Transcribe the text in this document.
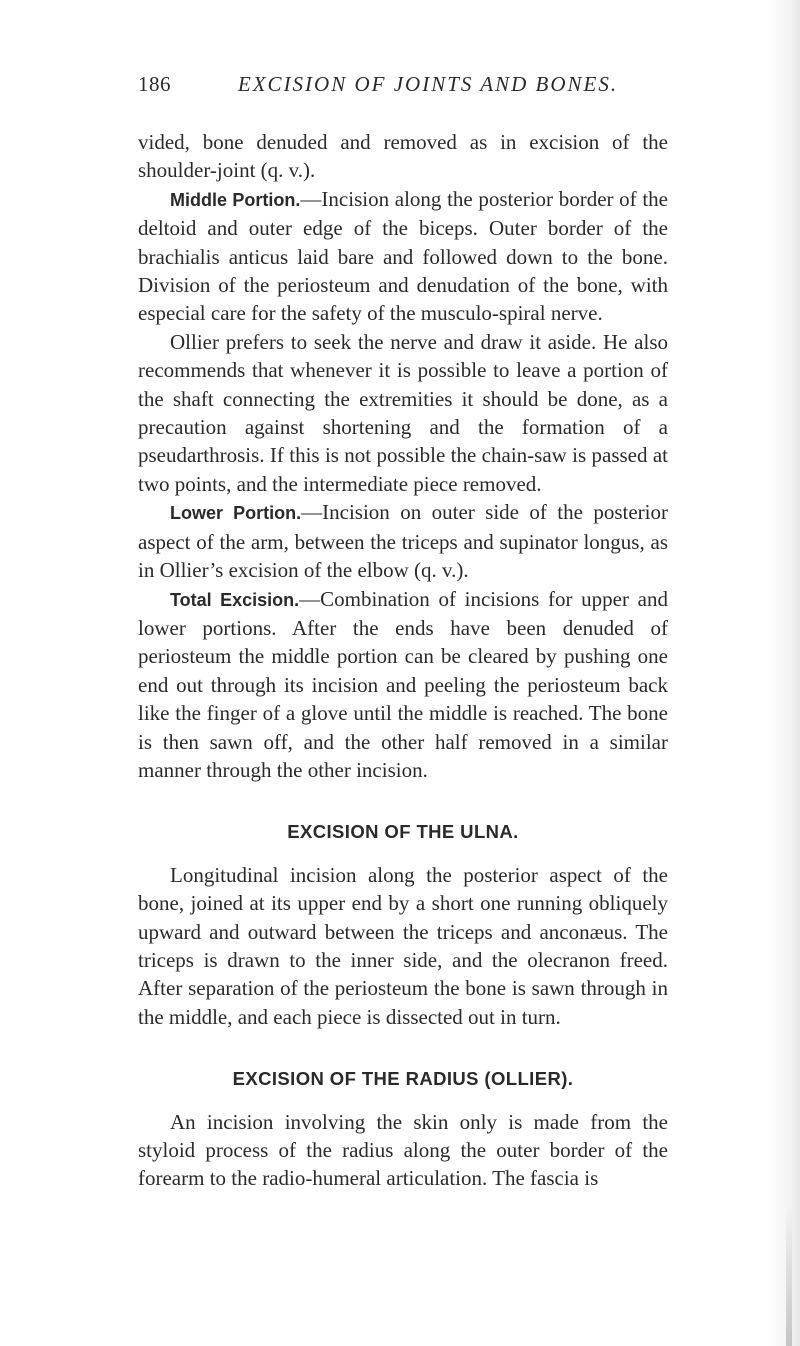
186	EXCISION OF JOINTS AND BONES.

vided, bone denuded and removed as in excision of the shoulder-joint (q. v.).

Middle Portion.—Incision along the posterior border of the deltoid and outer edge of the biceps. Outer border of the brachialis anticus laid bare and followed down to the bone. Division of the periosteum and denudation of the bone, with especial care for the safety of the musculo-spiral nerve.

Ollier prefers to seek the nerve and draw it aside. He also recommends that whenever it is possible to leave a portion of the shaft connecting the extremities it should be done, as a precaution against shortening and the formation of a pseudarthrosis. If this is not possible the chain-saw is passed at two points, and the intermediate piece removed.

Lower Portion.—Incision on outer side of the posterior aspect of the arm, between the triceps and supinator longus, as in Ollier’s excision of the elbow (q. v.).

Total Excision.—Combination of incisions for upper and lower portions. After the ends have been denuded of periosteum the middle portion can be cleared by pushing one end out through its incision and peeling the periosteum back like the finger of a glove until the middle is reached. The bone is then sawn off, and the other half removed in a similar manner through the other incision.

EXCISION OF THE ULNA.

Longitudinal incision along the posterior aspect of the bone, joined at its upper end by a short one running obliquely upward and outward between the triceps and anconæus. The triceps is drawn to the inner side, and the olecranon freed. After separation of the periosteum the bone is sawn through in the middle, and each piece is dissected out in turn.

EXCISION OF THE RADIUS (OLLIER).

An incision involving the skin only is made from the styloid process of the radius along the outer border of the forearm to the radio-humeral articulation. The fascia is
